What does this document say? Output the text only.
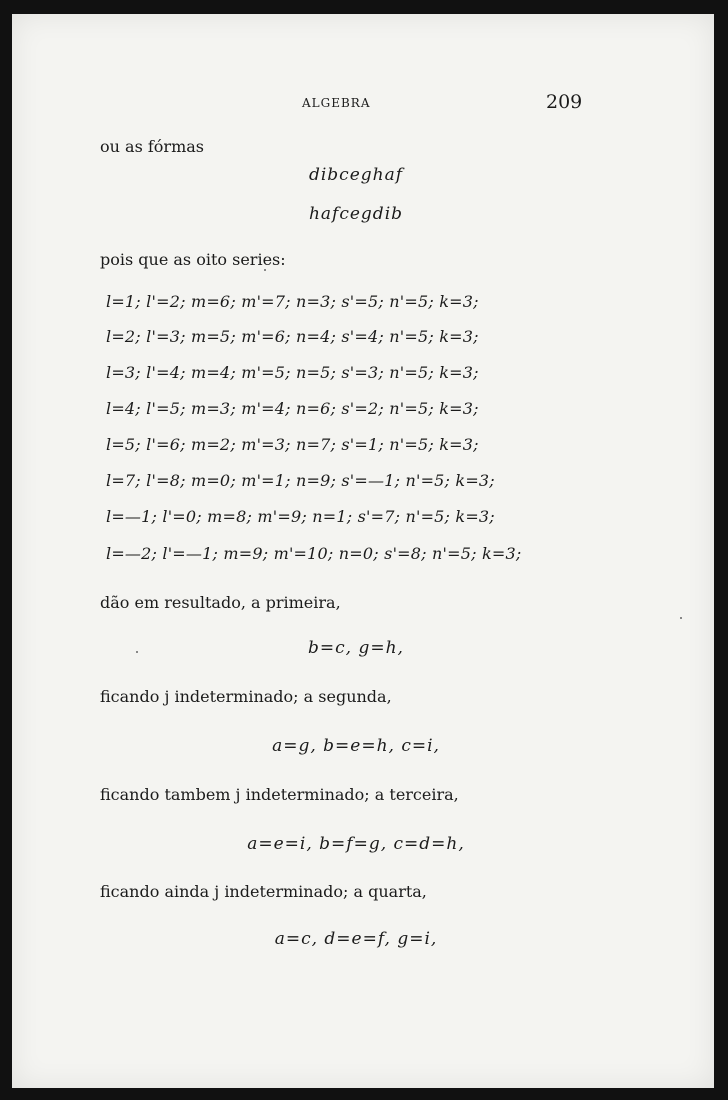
ALGEBRA	209
ou as fórmas
dibceghaf
hafcegdib
pois que as oito series:
l=1; l'=2; m=6; m'=7; n=3; s'=5; n'=5; k=3;
l=2; l'=3; m=5; m'=6; n=4; s'=4; n'=5; k=3;
l=3; l'=4; m=4; m'=5; n=5; s'=3; n'=5; k=3;
l=4; l'=5; m=3; m'=4; n=6; s'=2; n'=5; k=3;
l=5; l'=6; m=2; m'=3; n=7; s'=1; n'=5; k=3;
l=7; l'=8; m=0; m'=1; n=9; s'=—1; n'=5; k=3;
l=—1; l'=0; m=8; m'=9; n=1; s'=7; n'=5; k=3;
l=—2; l'=—1; m=9; m'=10; n=0; s'=8; n'=5; k=3;
dão em resultado, a primeira,
b=c, g=h,
ficando j indeterminado; a segunda,
a=g, b=e=h, c=i,
ficando tambem j indeterminado; a terceira,
a=e=i, b=f=g, c=d=h,
ficando ainda j indeterminado; a quarta,
a=c, d=e=f, g=i,
